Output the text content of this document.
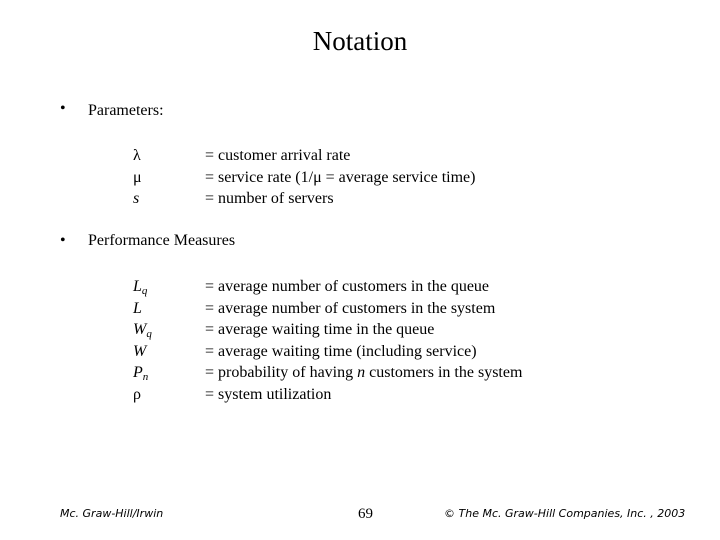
Notation
• Parameters:
λ
μ
s
= customer arrival rate
= service rate (1/μ = average service time)
= number of servers
• Performance Measures
$L_q$
L
$W_q$
W
$P_n$
ρ
= average number of customers in the queue
= average number of customers in the system
= average waiting time in the queue
= average waiting time (including service)
= probability of having n customers in the system
= system utilization
Mc. Graw-Hill/Irwin	69	© The Mc. Graw-Hill Companies, Inc. , 2003
